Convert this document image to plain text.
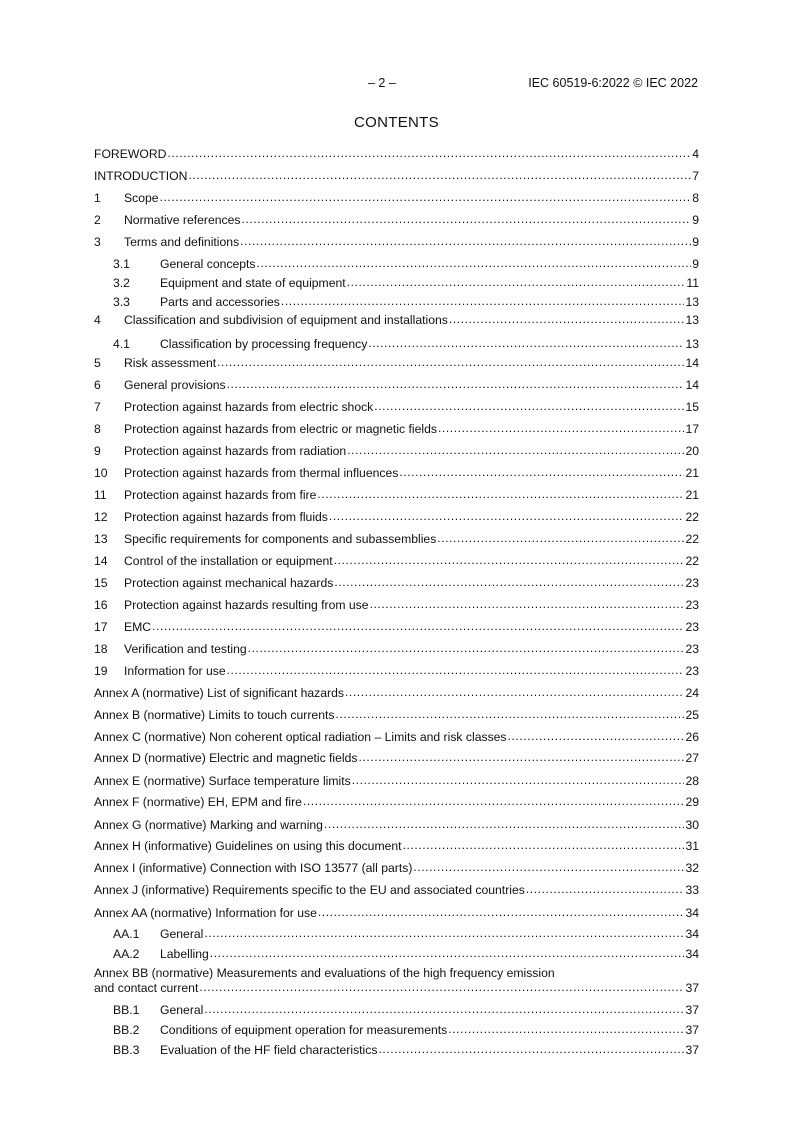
– 2 –	IEC 60519-6:2022 © IEC 2022
CONTENTS
FOREWORD .....	4
INTRODUCTION .....	7
1	Scope .....	8
2	Normative references .....	9
3	Terms and definitions .....	9
3.1	General concepts .....	9
3.2	Equipment and state of equipment .....	11
3.3	Parts and accessories .....	13
4	Classification and subdivision of equipment and installations .....	13
4.1	Classification by processing frequency .....	13
5	Risk assessment .....	14
6	General provisions .....	14
7	Protection against hazards from electric shock .....	15
8	Protection against hazards from electric or magnetic fields .....	17
9	Protection against hazards from radiation .....	20
10	Protection against hazards from thermal influences .....	21
11	Protection against hazards from fire .....	21
12	Protection against hazards from fluids .....	22
13	Specific requirements for components and subassemblies .....	22
14	Control of the installation or equipment .....	22
15	Protection against mechanical hazards .....	23
16	Protection against hazards resulting from use .....	23
17	EMC .....	23
18	Verification and testing .....	23
19	Information for use .....	23
Annex A (normative) List of significant hazards .....	24
Annex B (normative) Limits to touch currents .....	25
Annex C (normative) Non coherent optical radiation – Limits and risk classes .....	26
Annex D (normative) Electric and magnetic fields .....	27
Annex E (normative) Surface temperature limits .....	28
Annex F (normative) EH, EPM and fire .....	29
Annex G (normative) Marking and warning .....	30
Annex H (informative) Guidelines on using this document .....	31
Annex I (informative) Connection with ISO 13577 (all parts) .....	32
Annex J (informative) Requirements specific to the EU and associated countries .....	33
Annex AA (normative) Information for use .....	34
AA.1	General .....	34
AA.2	Labelling .....	34
Annex BB (normative) Measurements and evaluations of the high frequency emission
and contact current .....	37
BB.1	General .....	37
BB.2	Conditions of equipment operation for measurements .....	37
BB.3	Evaluation of the HF field characteristics .....	37
